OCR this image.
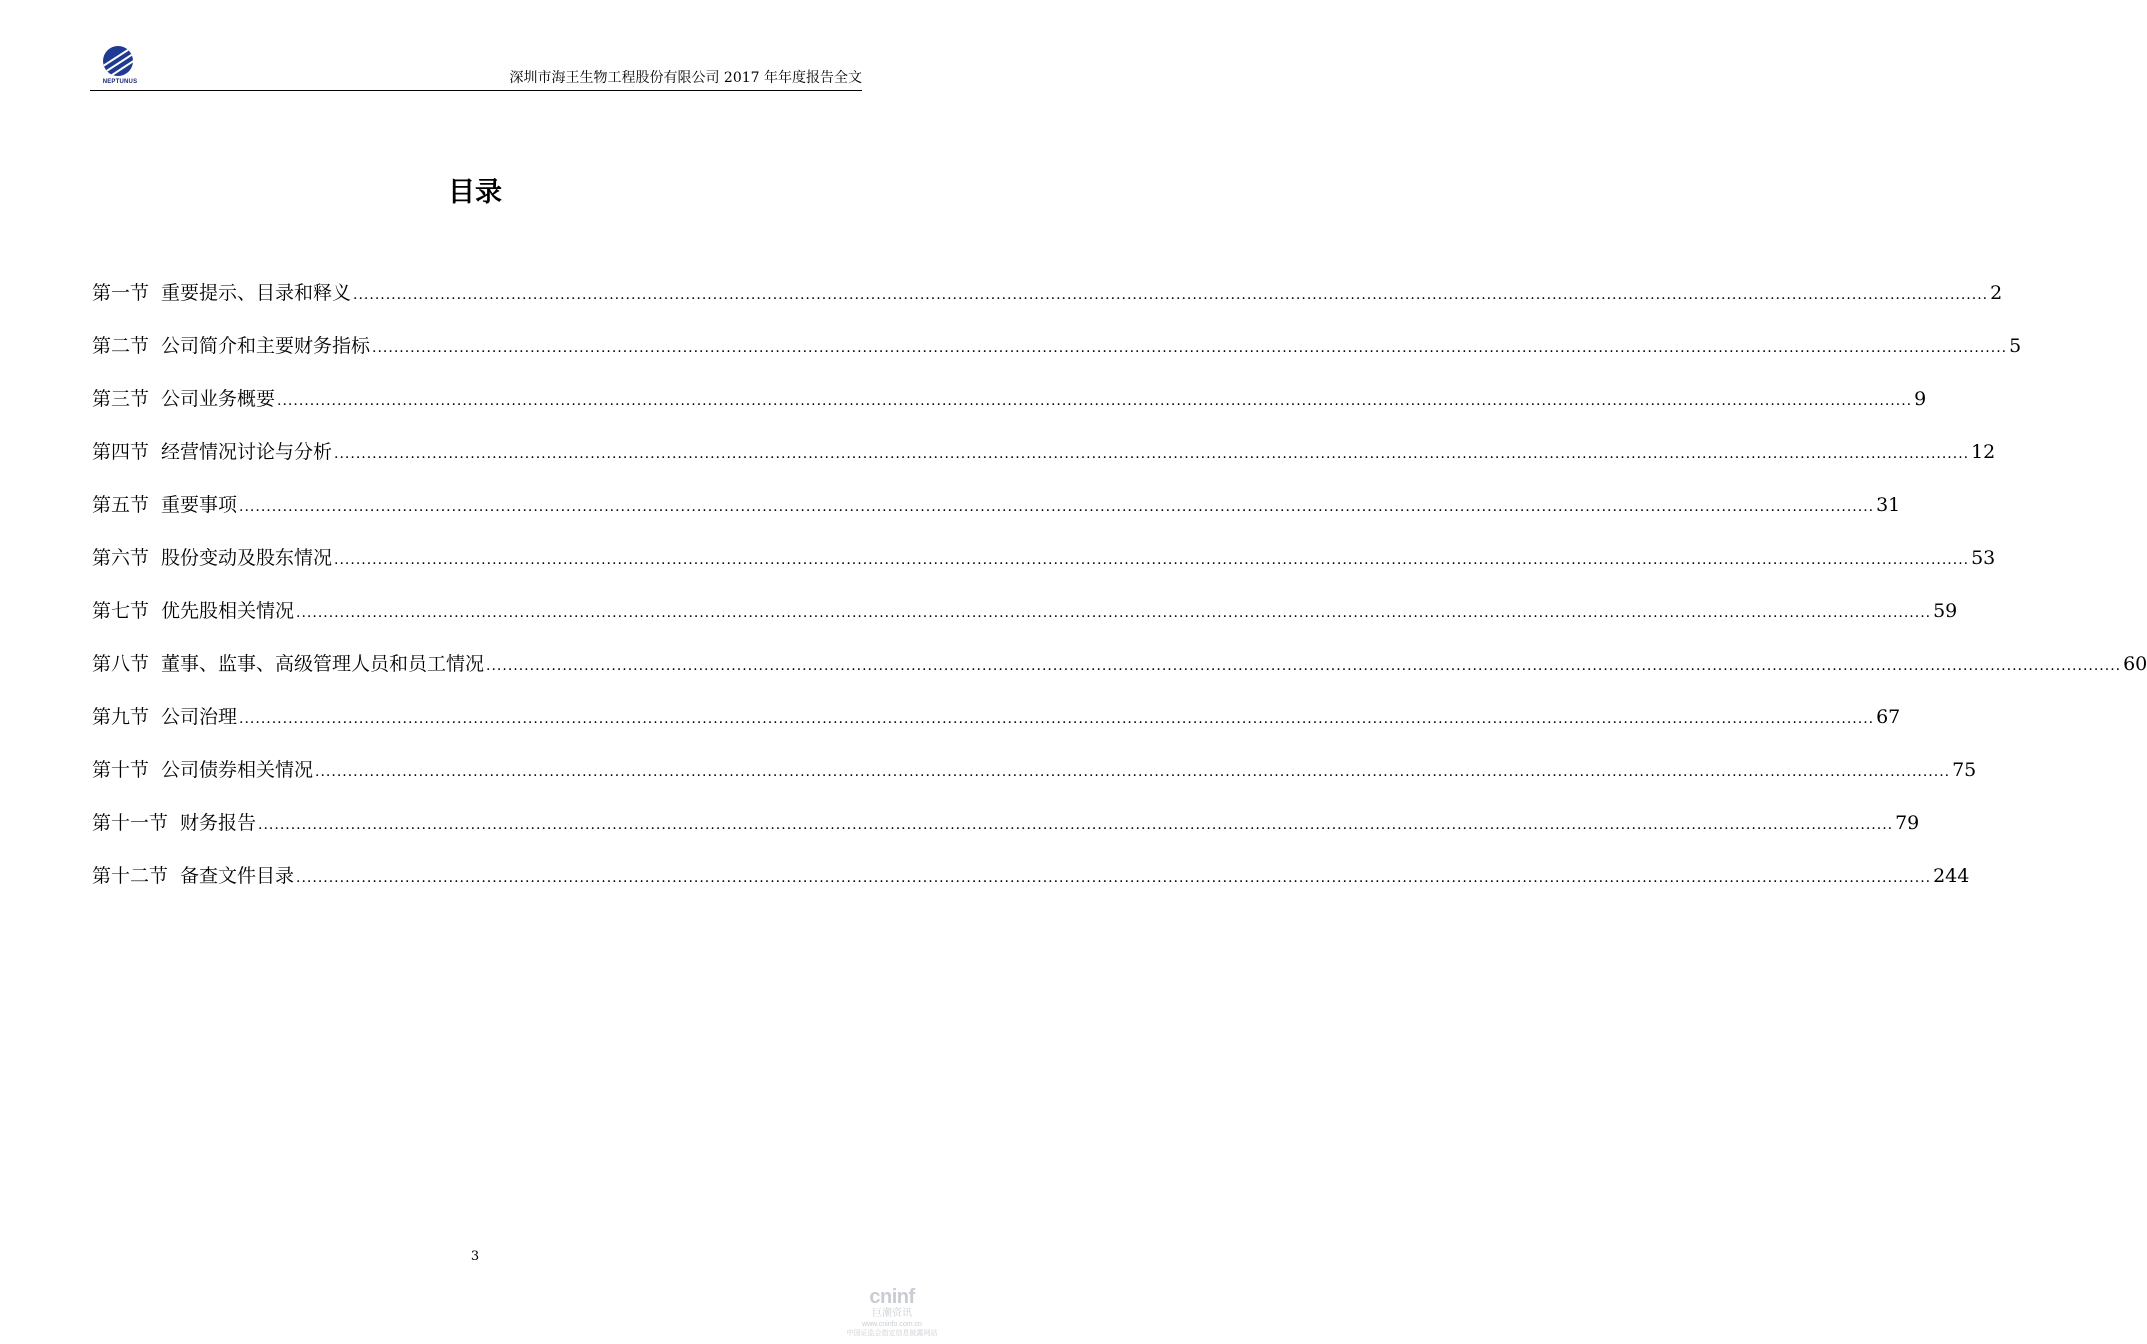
NEPTUNUS	深圳市海王生物工程股份有限公司 2017 年年度报告全文
目录
第一节 重要提示、目录和释义 ............................................................................................................................................................................................................................................................................................................ 2
第二节 公司简介和主要财务指标 ............................................................................................................................................................................................................................................................................................................ 5
第三节 公司业务概要 ............................................................................................................................................................................................................................................................................................................ 9
第四节 经营情况讨论与分析 ............................................................................................................................................................................................................................................................................................................ 12
第五节 重要事项 ............................................................................................................................................................................................................................................................................................................ 31
第六节 股份变动及股东情况 ............................................................................................................................................................................................................................................................................................................ 53
第七节 优先股相关情况 ............................................................................................................................................................................................................................................................................................................ 59
第八节 董事、监事、高级管理人员和员工情况 ............................................................................................................................................................................................................................................................................................................ 60
第九节 公司治理 ............................................................................................................................................................................................................................................................................................................ 67
第十节 公司债券相关情况 ............................................................................................................................................................................................................................................................................................................ 75
第十一节 财务报告 ............................................................................................................................................................................................................................................................................................................ 79
第十二节 备查文件目录 ............................................................................................................................................................................................................................................................................................................ 244
3
cninf
巨潮资讯
www.cninfo.com.cn
中国证监会指定信息披露网站
